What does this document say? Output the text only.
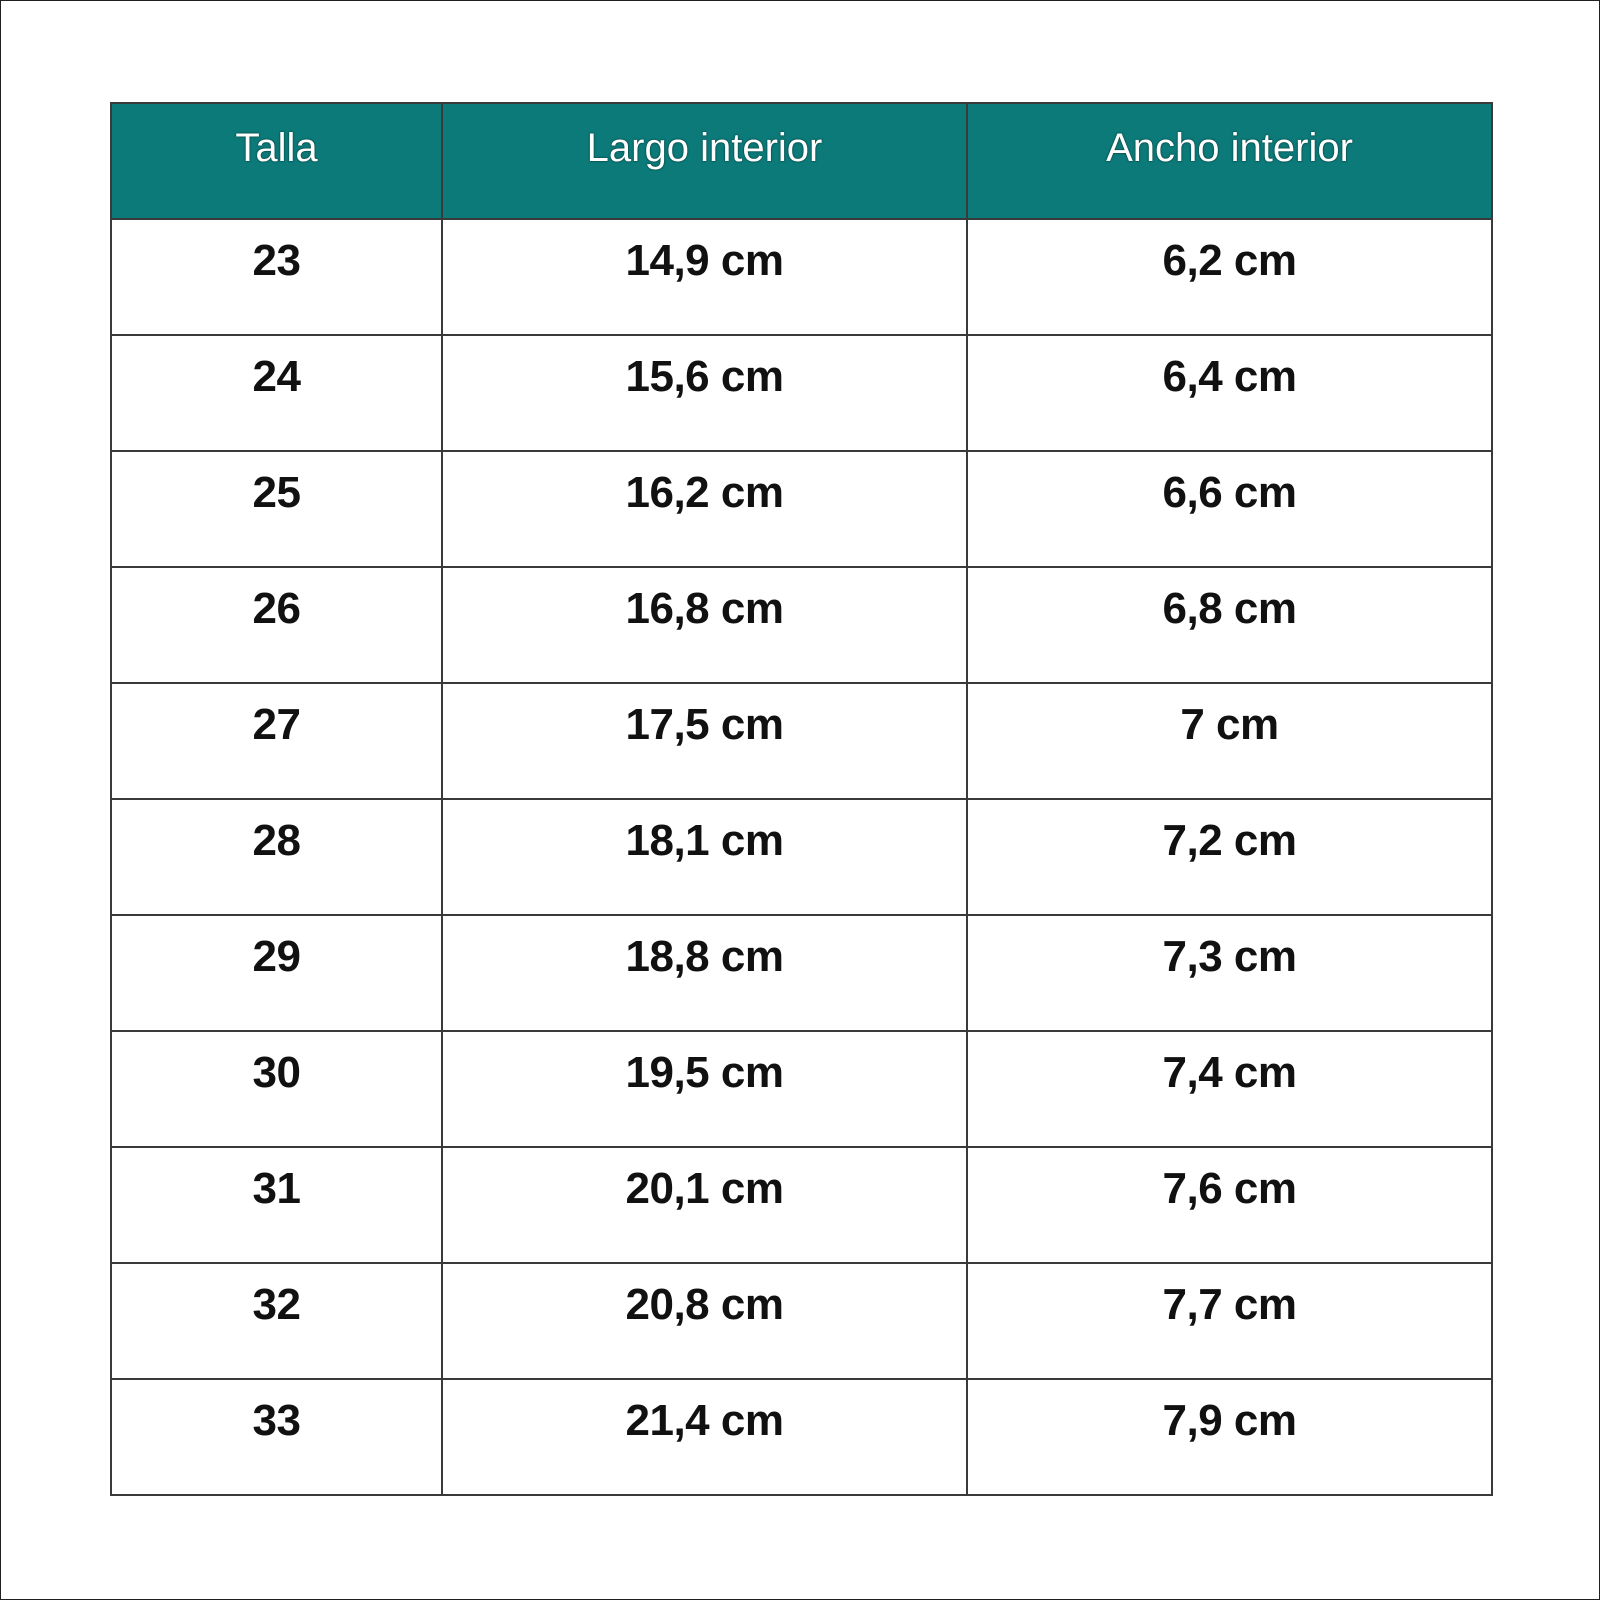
Talla	Largo interior	Ancho interior
23	14,9 cm	6,2 cm
24	15,6 cm	6,4 cm
25	16,2 cm	6,6 cm
26	16,8 cm	6,8 cm
27	17,5 cm	7 cm
28	18,1 cm	7,2 cm
29	18,8 cm	7,3 cm
30	19,5 cm	7,4 cm
31	20,1 cm	7,6 cm
32	20,8 cm	7,7 cm
33	21,4 cm	7,9 cm
